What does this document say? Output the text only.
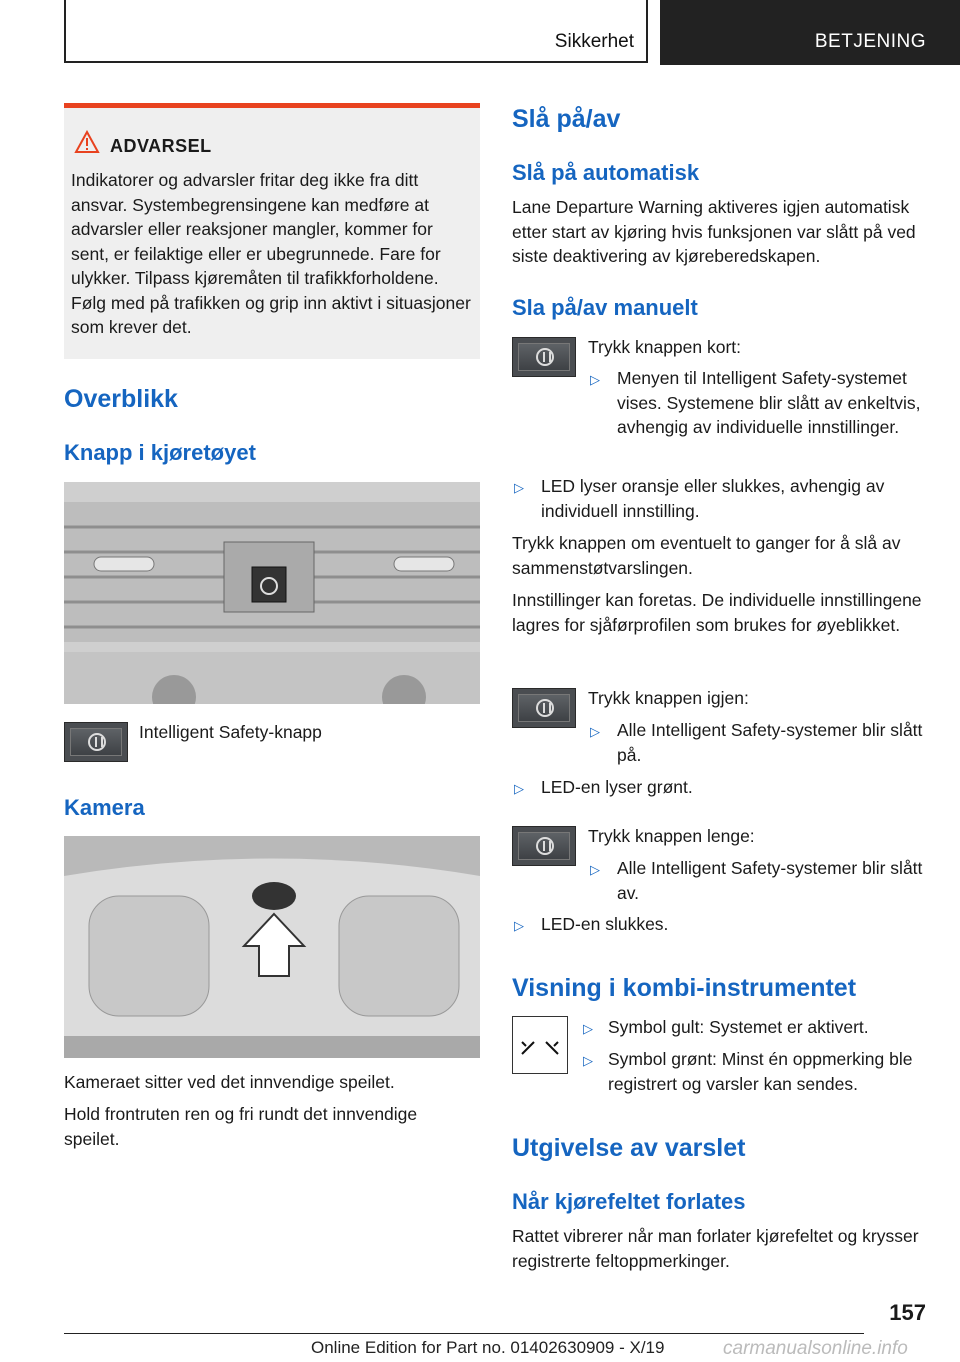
Sikkerhet	BETJENING
ADVARSEL
Indikatorer og advarsler fritar deg ikke fra ditt ansvar. Systembegrensingene kan medføre at advarsler eller reaksjoner mangler, kommer for sent, er feilaktige eller er ubegrunnede. Fare for ulykker. Tilpass kjøremåten til trafikkforholdene. Følg med på trafikken og grip inn aktivt i situasjoner som krever det.
Overblikk
Knapp i kjøretøyet
Intelligent Safety-knapp
Kamera
Kameraet sitter ved det innvendige speilet.
Hold frontruten ren og fri rundt det innvendige speilet.
Slå på/av
Slå på automatisk
Lane Departure Warning aktiveres igjen automatisk etter start av kjøring hvis funksjonen var slått på ved siste deaktivering av kjøreberedskapen.
Sla på/av manuelt
Trykk knappen kort:
▷ Menyen til Intelligent Safety-systemet vises. Systemene blir slått av enkeltvis, avhengig av individuelle innstillinger.
▷ LED lyser oransje eller slukkes, avhengig av individuell innstilling.
Trykk knappen om eventuelt to ganger for å slå av sammenstøtvarslingen.
Innstillinger kan foretas. De individuelle innstillingene lagres for sjåførprofilen som brukes for øyeblikket.
Trykk knappen igjen:
▷ Alle Intelligent Safety-systemer blir slått på.
▷ LED-en lyser grønt.
Trykk knappen lenge:
▷ Alle Intelligent Safety-systemer blir slått av.
▷ LED-en slukkes.
Visning i kombi-instrumentet
▷ Symbol gult: Systemet er aktivert.
▷ Symbol grønt: Minst én oppmerking ble registrert og varsler kan sendes.
Utgivelse av varslet
Når kjørefeltet forlates
Rattet vibrerer når man forlater kjørefeltet og krysser registrerte feltoppmerkinger.
157
Online Edition for Part no. 01402630909 - X/19	carmanualsonline.info
